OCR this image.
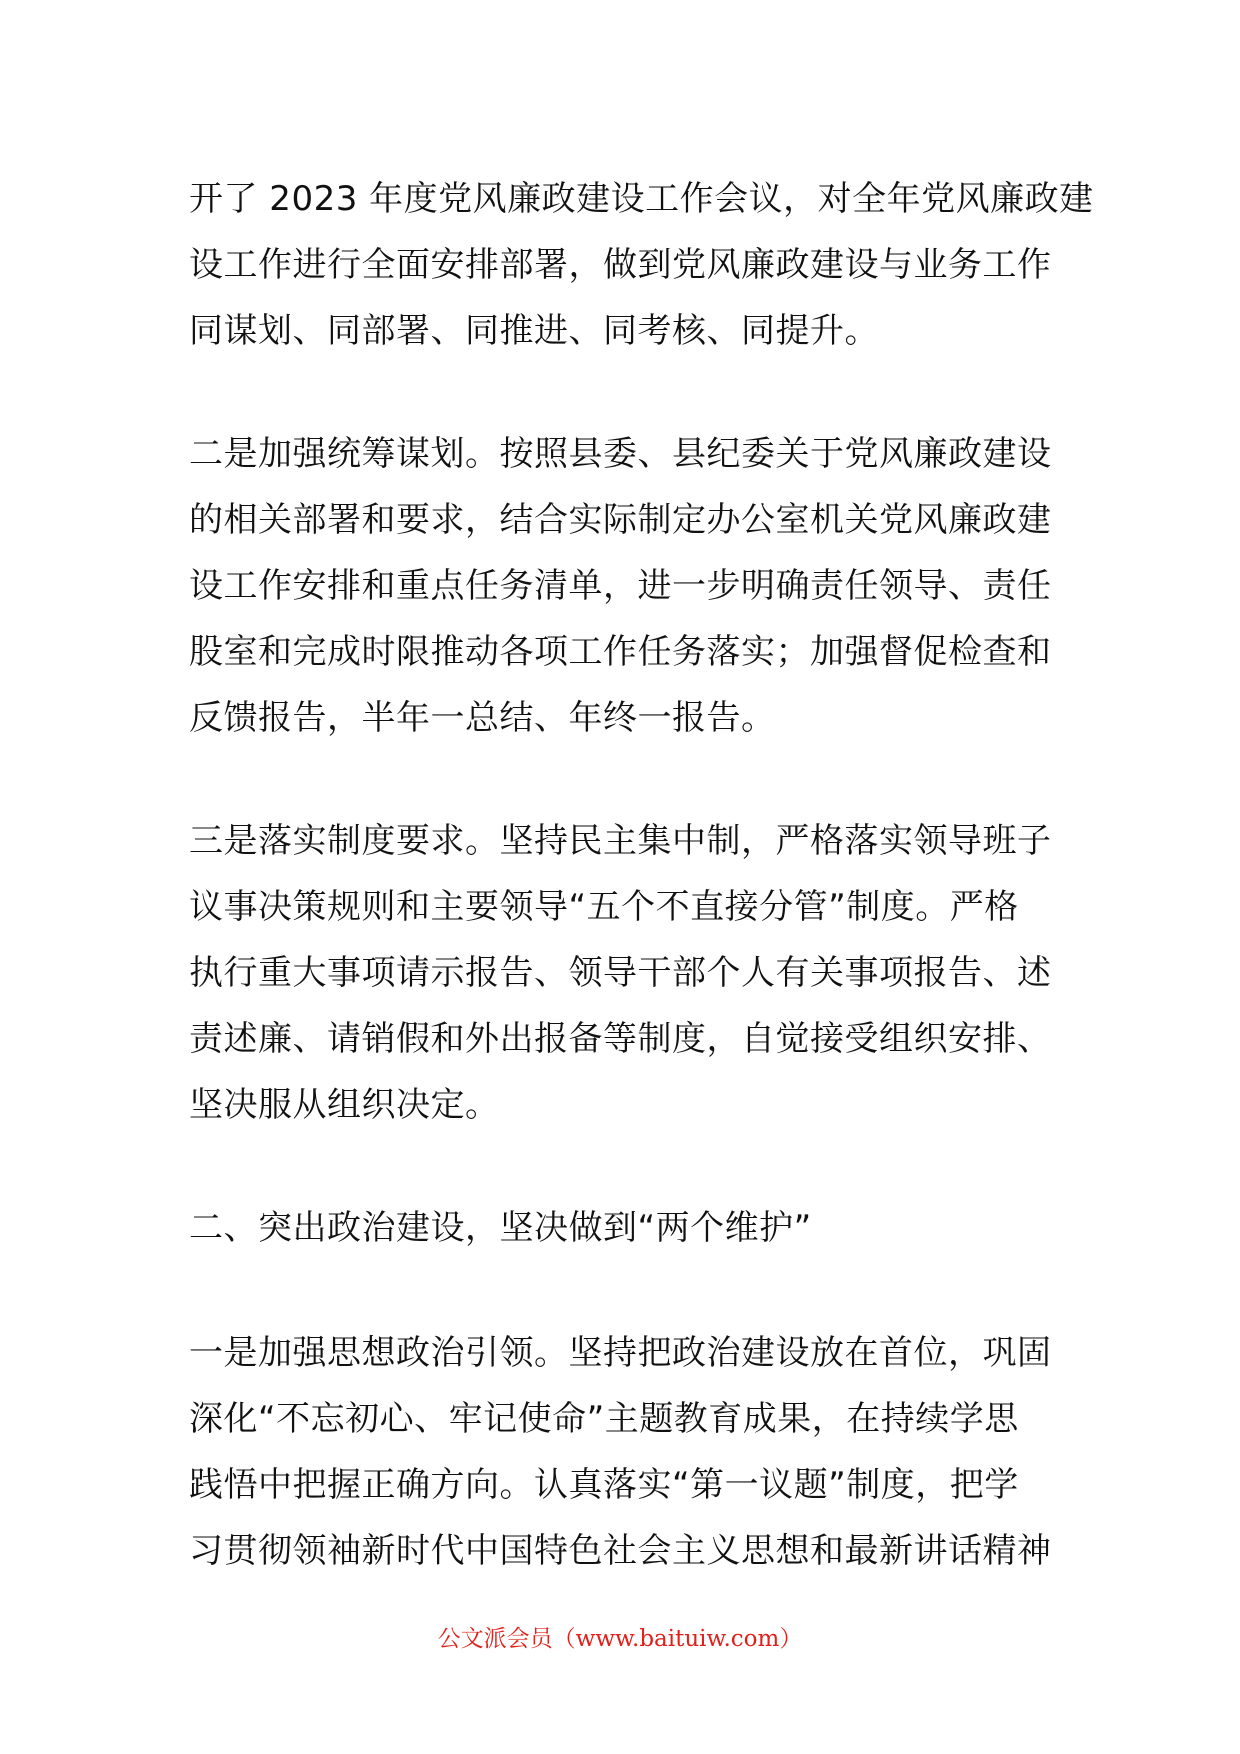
开了 2023 年度党风廉政建设工作会议，对全年党风廉政建
设工作进行全面安排部署，做到党风廉政建设与业务工作
同谋划、同部署、同推进、同考核、同提升。

二是加强统筹谋划。按照县委、县纪委关于党风廉政建设
的相关部署和要求，结合实际制定办公室机关党风廉政建
设工作安排和重点任务清单，进一步明确责任领导、责任
股室和完成时限推动各项工作任务落实；加强督促检查和
反馈报告，半年一总结、年终一报告。

三是落实制度要求。坚持民主集中制，严格落实领导班子
议事决策规则和主要领导“五个不直接分管”制度。严格
执行重大事项请示报告、领导干部个人有关事项报告、述
责述廉、请销假和外出报备等制度，自觉接受组织安排、
坚决服从组织决定。

二、突出政治建设，坚决做到“两个维护”

一是加强思想政治引领。坚持把政治建设放在首位，巩固
深化“不忘初心、牢记使命”主题教育成果，在持续学思
践悟中把握正确方向。认真落实“第一议题”制度，把学
习贯彻领袖新时代中国特色社会主义思想和最新讲话精神

公文派会员（www.baituiw.com）
